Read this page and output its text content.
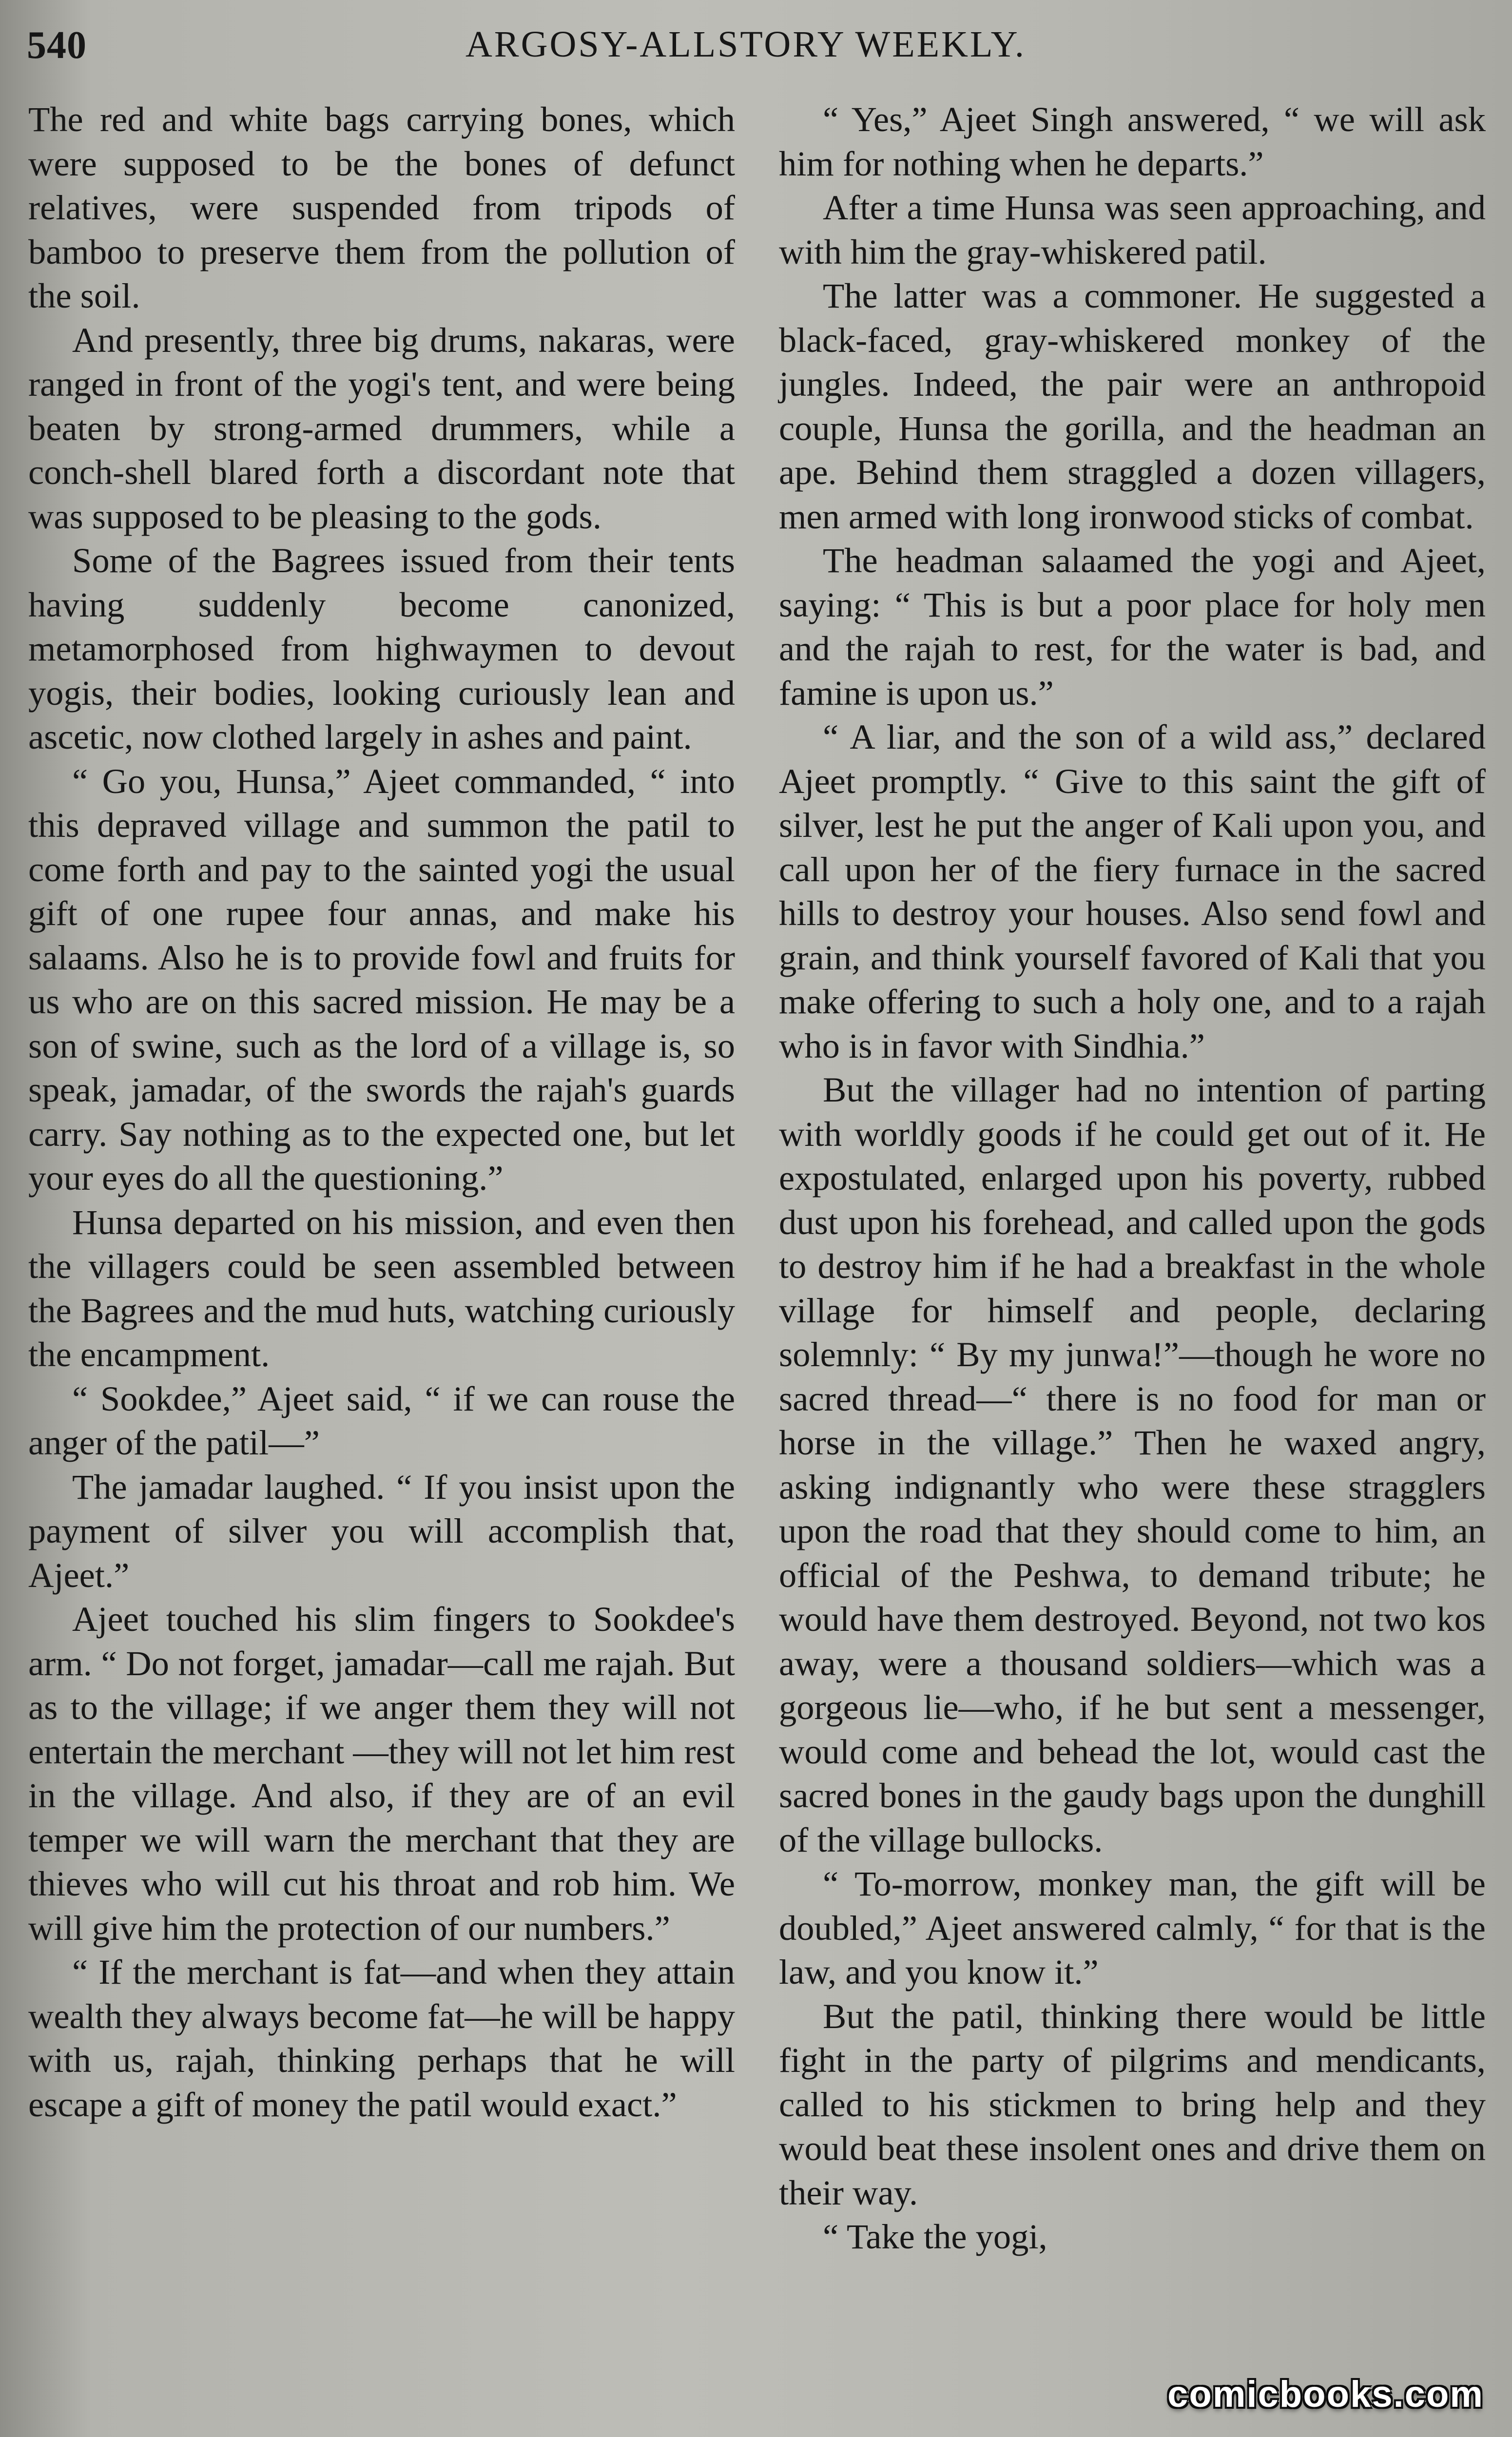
540	ARGOSY-ALLSTORY WEEKLY.

The red and white bags carrying bones, which were supposed to be the bones of defunct relatives, were suspended from tripods of bamboo to preserve them from the pollution of the soil.

And presently, three big drums, nakaras, were ranged in front of the yogi's tent, and were being beaten by strong-armed drummers, while a conch-shell blared forth a discordant note that was supposed to be pleasing to the gods.

Some of the Bagrees issued from their tents having suddenly become canonized, metamorphosed from highwaymen to devout yogis, their bodies, looking curiously lean and ascetic, now clothed largely in ashes and paint.

“ Go you, Hunsa,” Ajeet commanded, “ into this depraved village and summon the patil to come forth and pay to the sainted yogi the usual gift of one rupee four annas, and make his salaams. Also he is to provide fowl and fruits for us who are on this sacred mission. He may be a son of swine, such as the lord of a village is, so speak, jamadar, of the swords the rajah's guards carry. Say nothing as to the expected one, but let your eyes do all the questioning.”

Hunsa departed on his mission, and even then the villagers could be seen assembled between the Bagrees and the mud huts, watching curiously the encampment.

“ Sookdee,” Ajeet said, “ if we can rouse the anger of the patil—”

The jamadar laughed. “ If you insist upon the payment of silver you will accomplish that, Ajeet.”

Ajeet touched his slim fingers to Sookdee's arm. “ Do not forget, jamadar—call me rajah. But as to the village; if we anger them they will not entertain the merchant —they will not let him rest in the village. And also, if they are of an evil temper we will warn the merchant that they are thieves who will cut his throat and rob him. We will give him the protection of our numbers.”

“ If the merchant is fat—and when they attain wealth they always become fat—he will be happy with us, rajah, thinking perhaps that he will escape a gift of money the patil would exact.”

“ Yes,” Ajeet Singh answered, “ we will ask him for nothing when he departs.”

After a time Hunsa was seen approaching, and with him the gray-whiskered patil.

The latter was a commoner. He suggested a black-faced, gray-whiskered monkey of the jungles. Indeed, the pair were an anthropoid couple, Hunsa the gorilla, and the headman an ape. Behind them straggled a dozen villagers, men armed with long ironwood sticks of combat.

The headman salaamed the yogi and Ajeet, saying: “ This is but a poor place for holy men and the rajah to rest, for the water is bad, and famine is upon us.”

“ A liar, and the son of a wild ass,” declared Ajeet promptly. “ Give to this saint the gift of silver, lest he put the anger of Kali upon you, and call upon her of the fiery furnace in the sacred hills to destroy your houses. Also send fowl and grain, and think yourself favored of Kali that you make offering to such a holy one, and to a rajah who is in favor with Sindhia.”

But the villager had no intention of parting with worldly goods if he could get out of it. He expostulated, enlarged upon his poverty, rubbed dust upon his forehead, and called upon the gods to destroy him if he had a breakfast in the whole village for himself and people, declaring solemnly: “ By my junwa!”—though he wore no sacred thread—“ there is no food for man or horse in the village.” Then he waxed angry, asking indignantly who were these stragglers upon the road that they should come to him, an official of the Peshwa, to demand tribute; he would have them destroyed. Beyond, not two kos away, were a thousand soldiers—which was a gorgeous lie—who, if he but sent a messenger, would come and behead the lot, would cast the sacred bones in the gaudy bags upon the dunghill of the village bullocks.

“ To-morrow, monkey man, the gift will be doubled,” Ajeet answered calmly, “ for that is the law, and you know it.”

But the patil, thinking there would be little fight in the party of pilgrims and mendicants, called to his stickmen to bring help and they would beat these insolent ones and drive them on their way.

“ Take the yogi,

comicbooks.com
